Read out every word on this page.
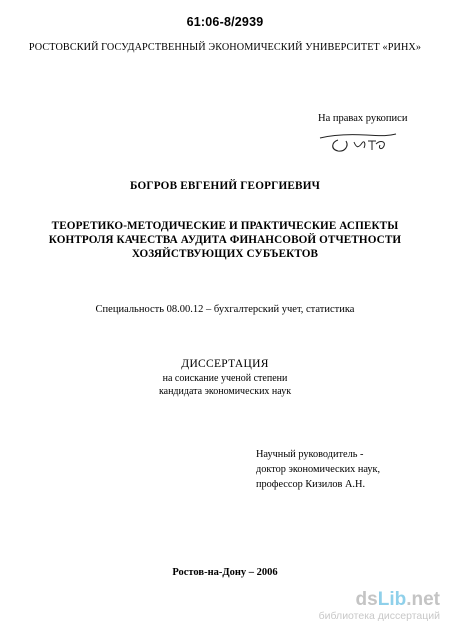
61:06-8/2939
РОСТОВСКИЙ ГОСУДАРСТВЕННЫЙ ЭКОНОМИЧЕСКИЙ УНИВЕРСИТЕТ «РИНХ»
На правах рукописи
БОГРОВ ЕВГЕНИЙ ГЕОРГИЕВИЧ
ТЕОРЕТИКО-МЕТОДИЧЕСКИЕ И ПРАКТИЧЕСКИЕ АСПЕКТЫ
КОНТРОЛЯ КАЧЕСТВА АУДИТА ФИНАНСОВОЙ ОТЧЕТНОСТИ
ХОЗЯЙСТВУЮЩИХ СУБЪЕКТОВ
Специальность 08.00.12 – бухгалтерский учет, статистика
ДИССЕРТАЦИЯ
на соискание ученой степени
кандидата экономических наук
Научный руководитель -
доктор экономических наук,
профессор Кизилов А.Н.
Ростов-на-Дону – 2006
dsLib.net
библиотека диссертаций
